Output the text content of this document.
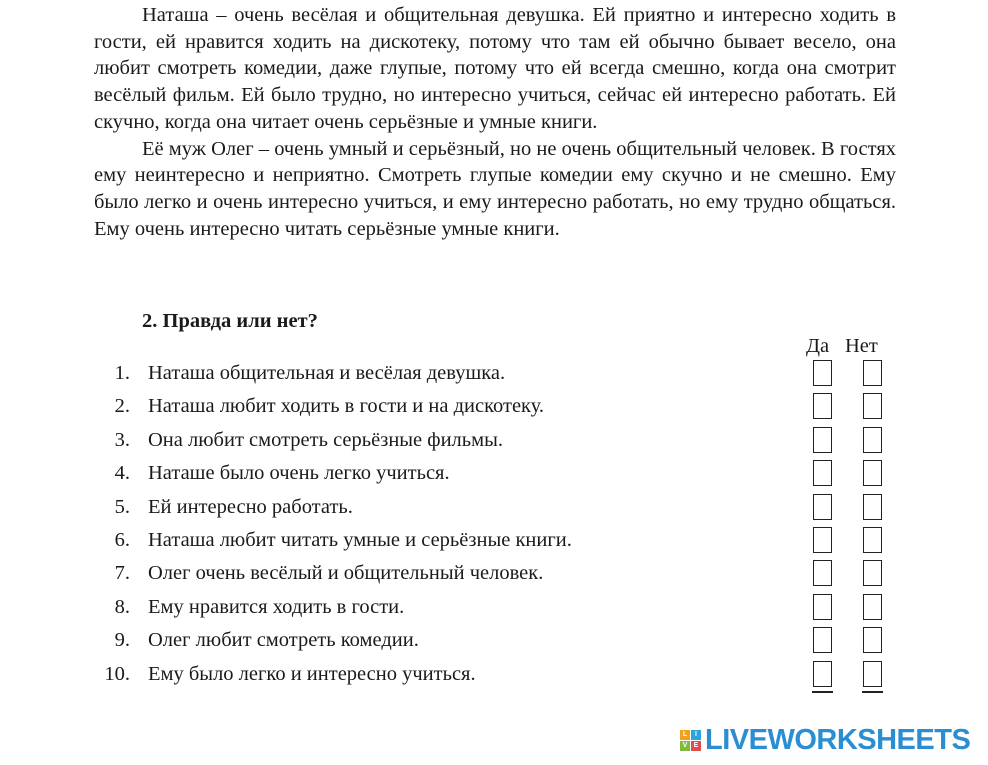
Наташа – очень весёлая и общительная девушка. Ей приятно и интересно ходить в гости, ей нравится ходить на дискотеку, потому что там ей обычно бывает весело, она любит смотреть комедии, даже глупые, потому что ей всегда смешно, когда она смотрит весёлый фильм. Ей было трудно, но интересно учиться, сейчас ей интересно работать. Ей скучно, когда она читает очень серьёзные и умные книги.

Её муж Олег – очень умный и серьёзный, но не очень общительный человек. В гостях ему неинтересно и неприятно. Смотреть глупые комедии ему скучно и не смешно. Ему было легко и очень интересно учиться, и ему интересно работать, но ему трудно общаться. Ему очень интересно читать серьёзные умные книги.

2. Правда или нет?
Да Нет
1. Наташа общительная и весёлая девушка.
2. Наташа любит ходить в гости и на дискотеку.
3. Она любит смотреть серьёзные фильмы.
4. Наташе было очень легко учиться.
5. Ей интересно работать.
6. Наташа любит читать умные и серьёзные книги.
7. Олег очень весёлый и общительный человек.
8. Ему нравится ходить в гости.
9. Олег любит смотреть комедии.
10. Ему было легко и интересно учиться.
L	I
V E LIVEWORKSHEETS
